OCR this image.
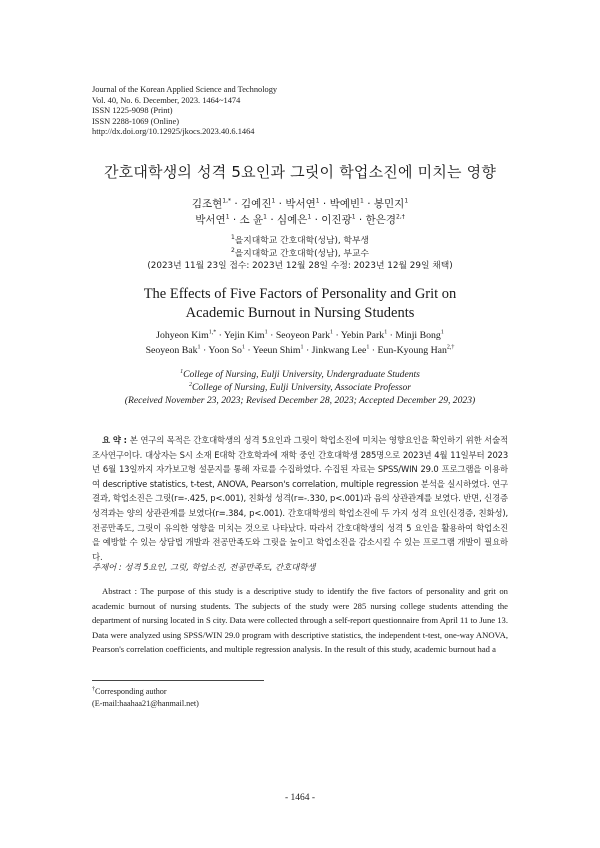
Journal of the Korean Applied Science and Technology
Vol. 40, No. 6. December, 2023. 1464~1474
ISSN 1225-9098 (Print)
ISSN 2288-1069 (Online)
http://dx.doi.org/10.12925/jkocs.2023.40.6.1464
간호대학생의 성격 5요인과 그릿이 학업소진에 미치는 영향
김조현$^{1,*}$ · 김예진$^1$ · 박서연$^1$ · 박예빈$^1$ · 봉민지$^1$
박서연$^1$ · 소 윤$^1$ · 심예은$^1$ · 이진광$^1$ · 한은경$^{2,\dagger}$
$^1$을지대학교 간호대학(성남), 학부생
$^2$을지대학교 간호대학(성남), 부교수
(2023년 11월 23일 접수: 2023년 12월 28일 수정: 2023년 12월 29일 채택)
The Effects of Five Factors of Personality and Grit on
Academic Burnout in Nursing Students
Johyeon Kim$^{1,*}$ · Yejin Kim$^1$ · Seoyeon Park$^1$ · Yebin Park$^1$ · Minji Bong$^1$
Seoyeon Bak$^1$ · Yoon $So^1$ · Yeeun Shim$^1$ · Jinkwang Lee$^1$ · Eun-Kyoung Han$^{2,\dagger}$
$^1$College of Nursing, Eulji University, Undergraduate Students
$^2$College of Nursing, Eulji University, Associate Professor
(Received November 23, 2023; Revised December 28, 2023; Accepted December 29, 2023)
요 약 : 본 연구의 목적은 간호대학생의 성격 5요인과 그릿이 학업소진에 미치는 영향요인을 확인하기 위한 서술적 조사연구이다. 대상자는 S시 소재 E대학 간호학과에 재학 중인 간호대학생 285명으로 2023년 4월 11일부터 2023년 6월 13일까지 자가보고형 설문지를 통해 자료를 수집하였다. 수집된 자료는 SPSS/WIN 29.0 프로그램을 이용하여 descriptive statistics, t-test, ANOVA, Pearson's correlation, multiple regression 분석을 실시하였다. 연구결과, 학업소진은 그릿(r=-.425, p<.001), 친화성 성격(r=-.330, p<.001)과 음의 상관관계를 보였다. 반면, 신경증 성격과는 양의 상관관계를 보였다(r=.384, p<.001). 간호대학생의 학업소진에 두 가지 성격 요인(신경증, 친화성), 전공만족도, 그릿이 유의한 영향을 미치는 것으로 나타났다. 따라서 간호대학생의 성격 5 요인을 활용하여 학업소진을 예방할 수 있는 상담법 개발과 전공만족도와 그릿을 높이고 학업소진을 감소시킬 수 있는 프로그램 개발이 필요하다.
주제어 : 성격 5요인, 그릿, 학업소진, 전공만족도, 간호대학생
Abstract : The purpose of this study is a descriptive study to identify the five factors of personality and grit on academic burnout of nursing students. The subjects of the study were 285 nursing college students attending the department of nursing located in S city. Data were collected through a self-report questionnaire from April 11 to June 13. Data were analyzed using SPSS/WIN 29.0 program with descriptive statistics, the independent t-test, one-way ANOVA, Pearson's correlation coefficients, and multiple regression analysis. In the result of this study, academic burnout had a
†Corresponding author
(E-mail:haahaa21@hanmail.net)
- 1464 -
